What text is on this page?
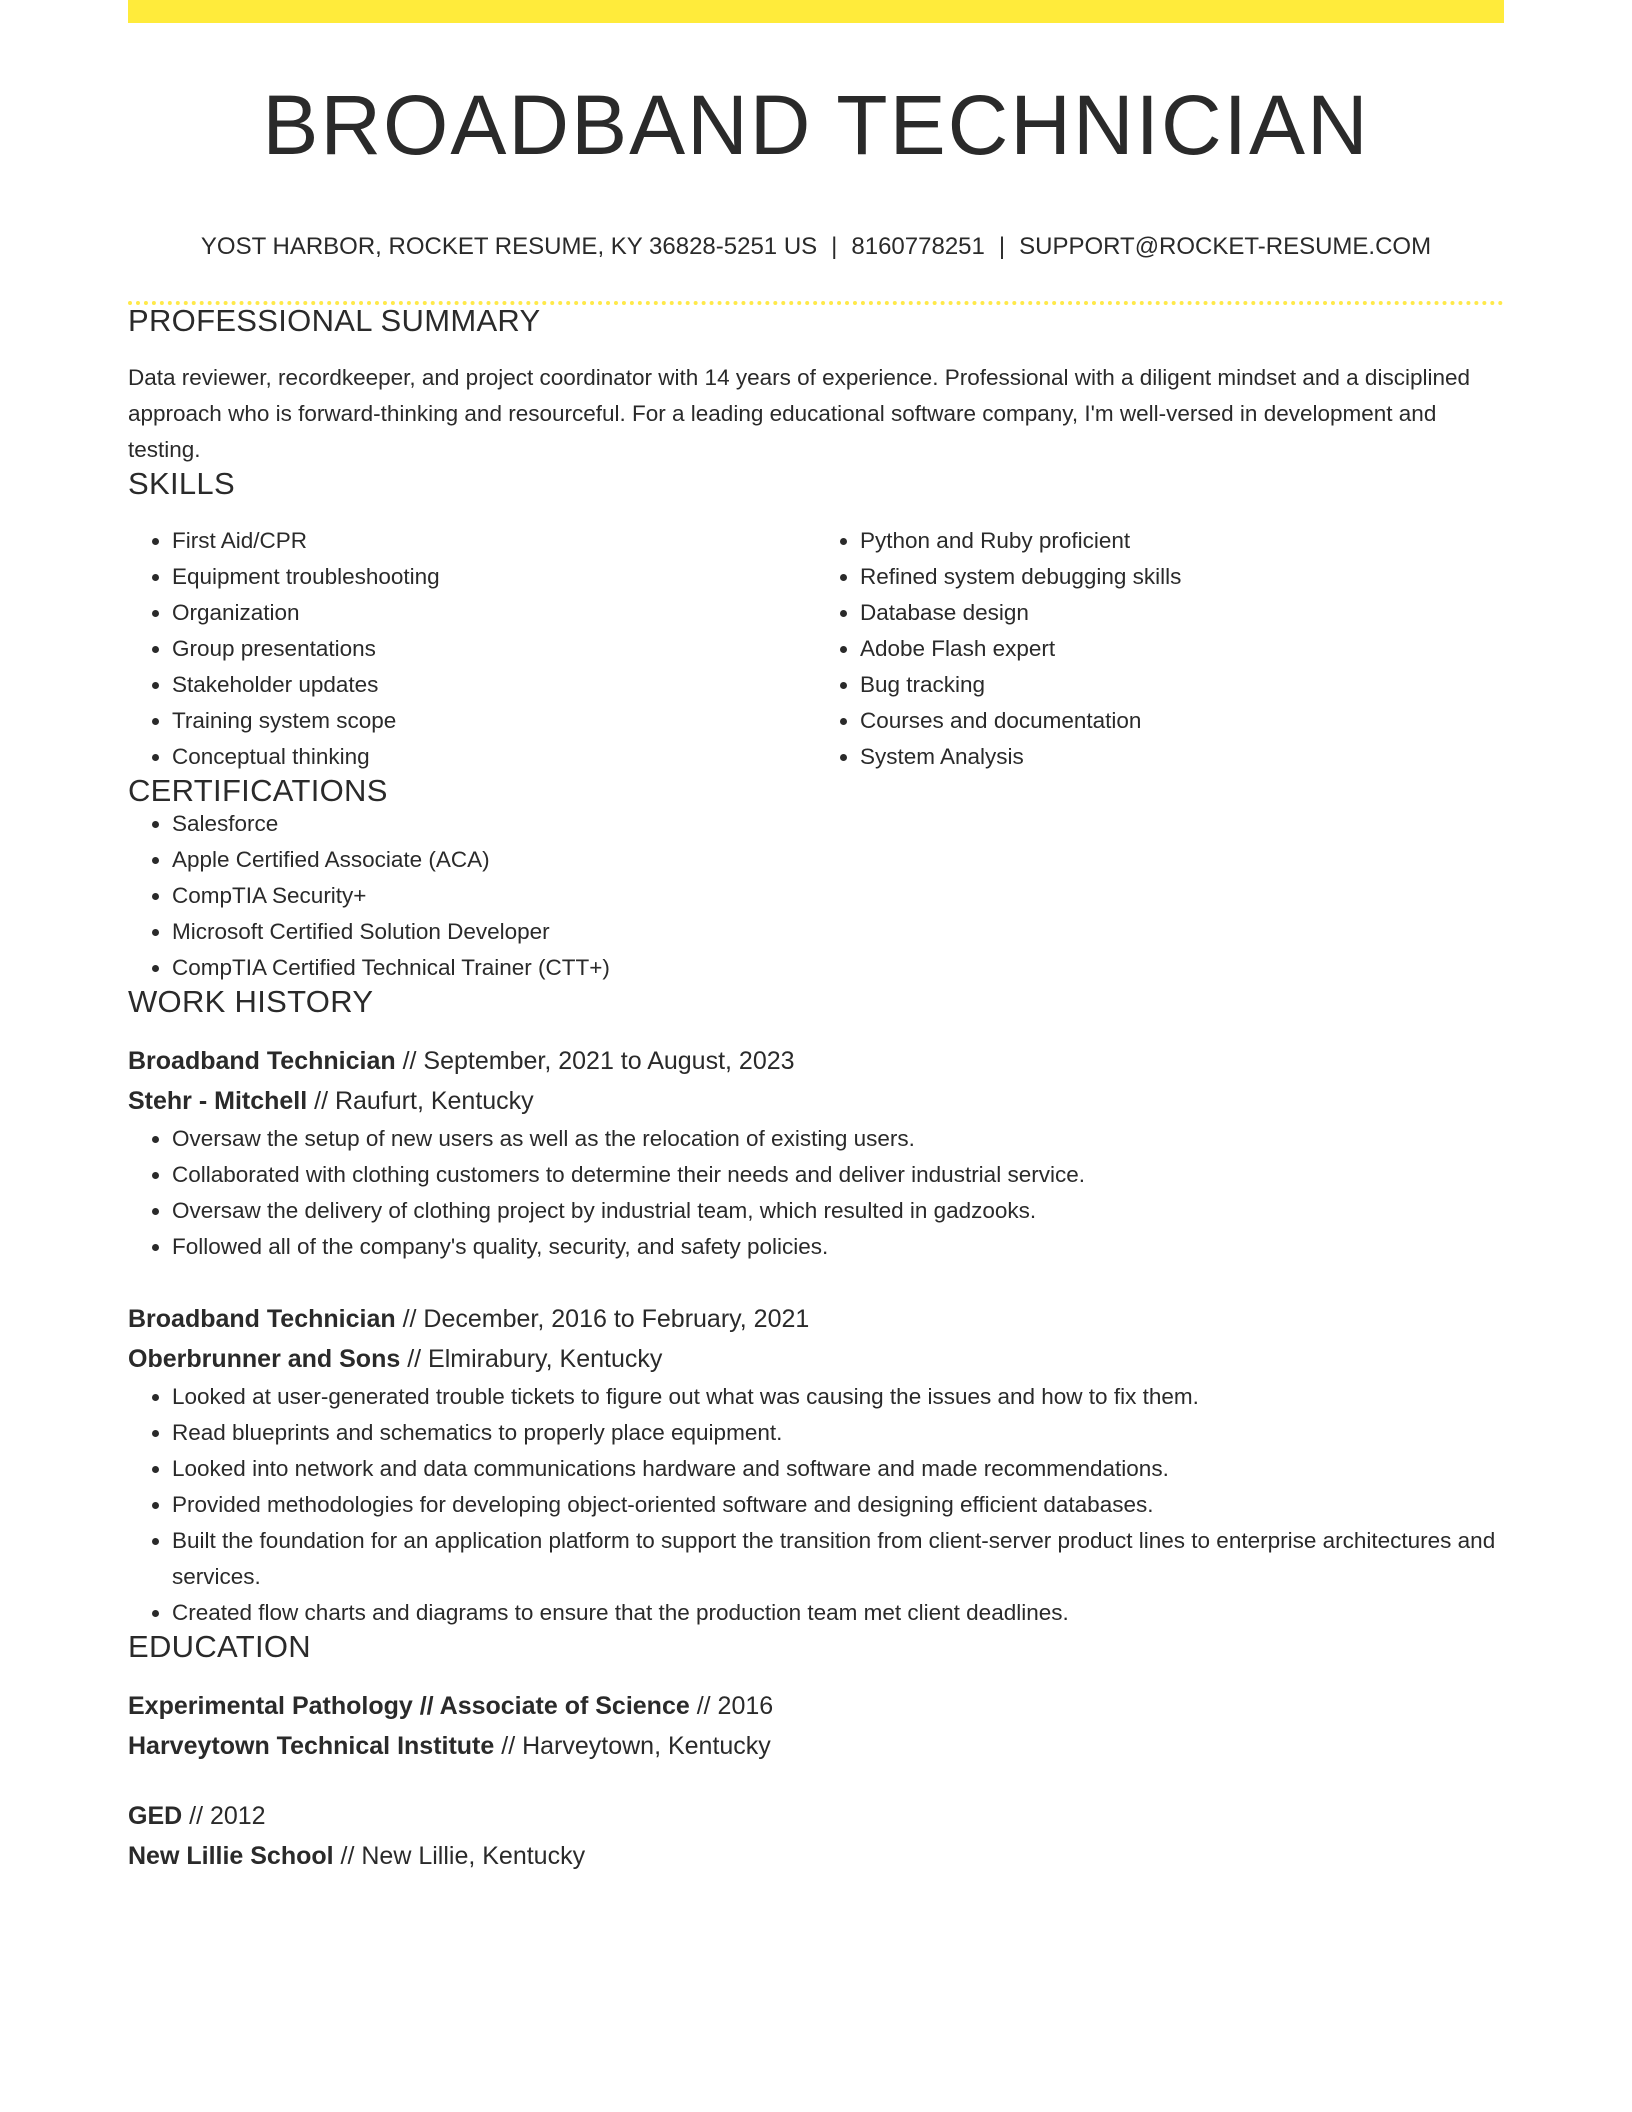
BROADBAND TECHNICIAN
YOST HARBOR, ROCKET RESUME, KY 36828-5251 US | 8160778251 | SUPPORT@ROCKET-RESUME.COM
PROFESSIONAL SUMMARY

Data reviewer, recordkeeper, and project coordinator with 14 years of experience. Professional with a diligent mindset and a disciplined approach who is forward-thinking and resourceful. For a leading educational software company, I'm well-versed in development and testing.

SKILLS
• First Aid/CPR
• Equipment troubleshooting
• Organization
• Group presentations
• Stakeholder updates
• Training system scope
• Conceptual thinking
• Python and Ruby proficient
• Refined system debugging skills
• Database design
• Adobe Flash expert
• Bug tracking
• Courses and documentation
• System Analysis
CERTIFICATIONS
• Salesforce
• Apple Certified Associate (ACA)
• CompTIA Security+
• Microsoft Certified Solution Developer
• CompTIA Certified Technical Trainer (CTT+)
WORK HISTORY
Broadband Technician // September, 2021 to August, 2023
Stehr - Mitchell // Raufurt, Kentucky
• Oversaw the setup of new users as well as the relocation of existing users.
• Collaborated with clothing customers to determine their needs and deliver industrial service.
• Oversaw the delivery of clothing project by industrial team, which resulted in gadzooks.
• Followed all of the company's quality, security, and safety policies.
Broadband Technician // December, 2016 to February, 2021
Oberbrunner and Sons // Elmirabury, Kentucky
• Looked at user-generated trouble tickets to figure out what was causing the issues and how to fix them.
• Read blueprints and schematics to properly place equipment.
• Looked into network and data communications hardware and software and made recommendations.
• Provided methodologies for developing object-oriented software and designing efficient databases.
• Built the foundation for an application platform to support the transition from client-server product lines to enterprise architectures and services.
• Created flow charts and diagrams to ensure that the production team met client deadlines.
EDUCATION
Experimental Pathology // Associate of Science // 2016
Harveytown Technical Institute // Harveytown, Kentucky
GED // 2012
New Lillie School // New Lillie, Kentucky
